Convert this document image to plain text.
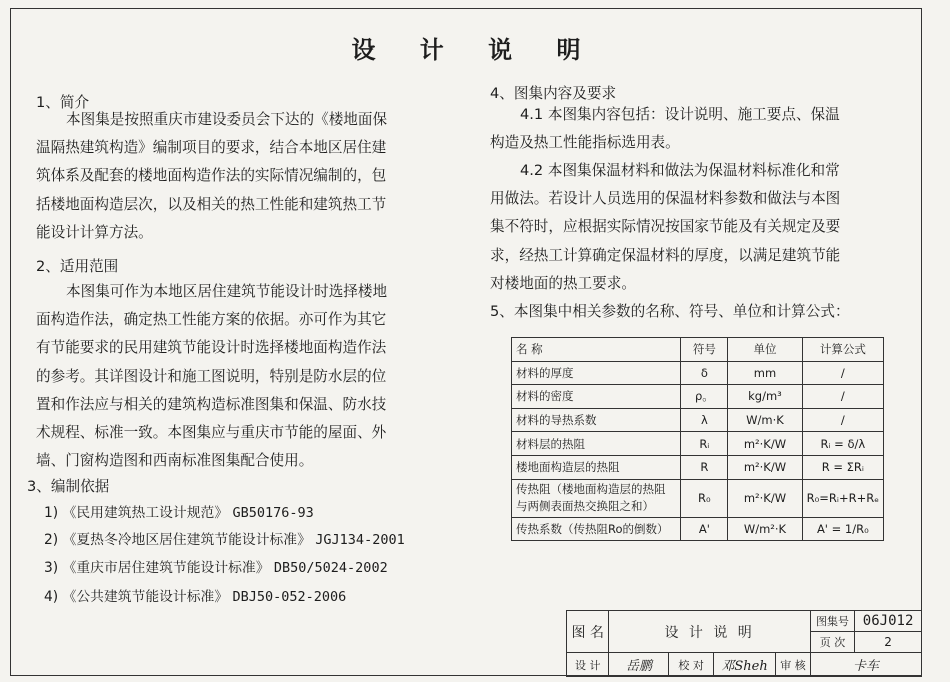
设 计 说 明
1、简介
本图集是按照重庆市建设委员会下达的《楼地面保
温隔热建筑构造》编制项目的要求，结合本地区居住建
筑体系及配套的楼地面构造作法的实际情况编制的，包
括楼地面构造层次，以及相关的热工性能和建筑热工节
能设计计算方法。
2、适用范围
本图集可作为本地区居住建筑节能设计时选择楼地
面构造作法，确定热工性能方案的依据。亦可作为其它
有节能要求的民用建筑节能设计时选择楼地面构造作法
的参考。其详图设计和施工图说明，特别是防水层的位
置和作法应与相关的建筑构造标准图集和保温、防水技
术规程、标准一致。本图集应与重庆市节能的屋面、外
墙、门窗构造图和西南标准图集配合使用。
3、编制依据
1) 《民用建筑热工设计规范》 GB50176-93
2) 《夏热冬冷地区居住建筑节能设计标准》 JGJ134-2001
3) 《重庆市居住建筑节能设计标准》 DB50/5024-2002
4) 《公共建筑节能设计标准》 DBJ50-052-2006
4、图集内容及要求
4.1 本图集内容包括：设计说明、施工要点、保温
构造及热工性能指标选用表。
4.2 本图集保温材料和做法为保温材料标准化和常
用做法。若设计人员选用的保温材料参数和做法与本图
集不符时，应根据实际情况按国家节能及有关规定及要
求，经热工计算确定保温材料的厚度，以满足建筑节能
对楼地面的热工要求。
5、本图集中相关参数的名称、符号、单位和计算公式：
名 称	符号	单位	计算公式
材料的厚度	δ	mm	/
材料的密度	ρ。	kg/m³	/
材料的导热系数	λ	W/m·K	/
材料层的热阻	Rᵢ	m²·K/W	Rᵢ = δ/λ
楼地面构造层的热阻	R	m²·K/W	R = ΣRᵢ

传热阻（楼地面构造层的热阻
与两侧表面热交换阻之和）	R₀	m²·K/W	R₀=Rᵢ+R+Rₑ
传热系数（传热阻Ro的倒数）	A'	W/m²·K	A' = 1/R₀
图 名	设 计 说 明				图集号	06J012
					页 次	2
设 计	岳鹏	校 对	邓Sheh	审 核	卡车	
